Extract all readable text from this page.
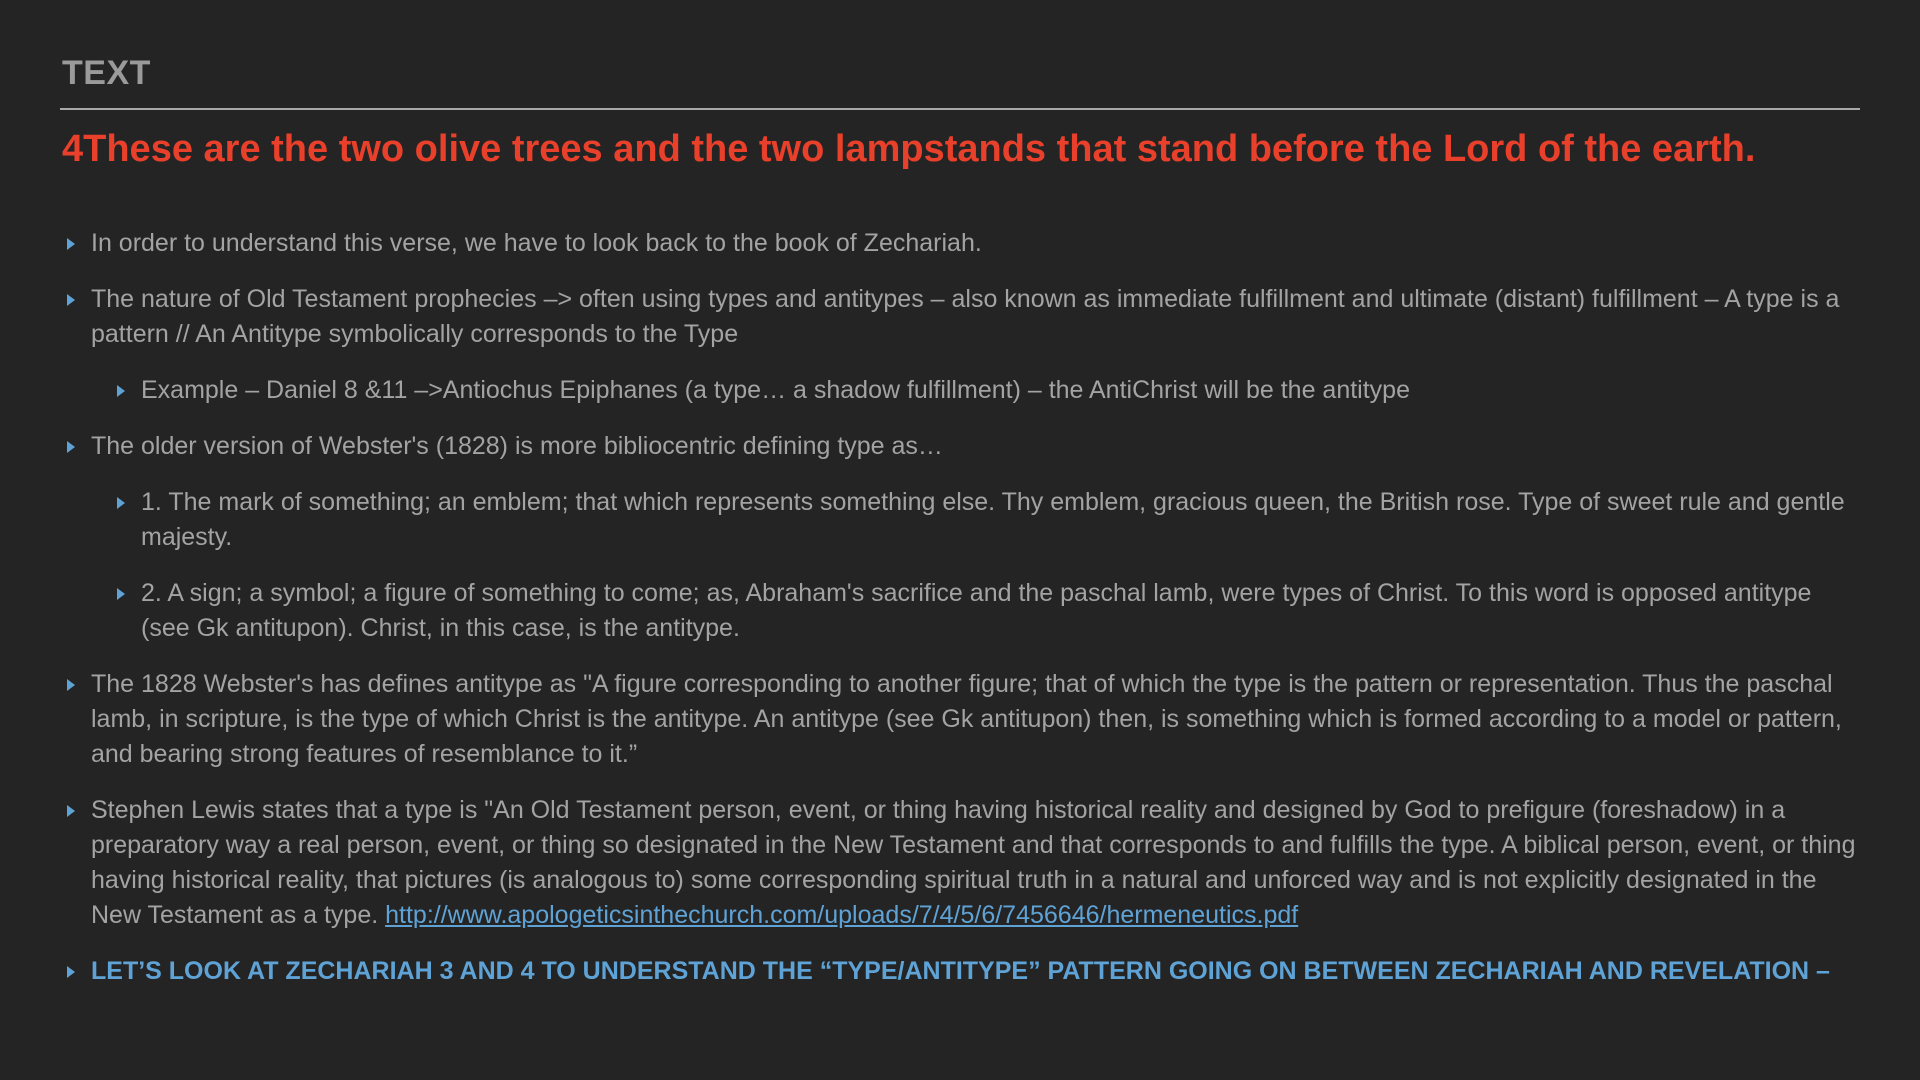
TEXT

4These are the two olive trees and the two lampstands that stand before the Lord of the earth.

In order to understand this verse, we have to look back to the book of Zechariah.
The nature of Old Testament prophecies –> often using types and antitypes – also known as immediate fulfillment and ultimate (distant) fulfillment – A type is a pattern // An Antitype symbolically corresponds to the Type
Example – Daniel 8 &11 –>Antiochus Epiphanes (a type… a shadow fulfillment) – the AntiChrist will be the antitype
The older version of Webster's (1828) is more bibliocentric defining type as…
1. The mark of something; an emblem; that which represents something else. Thy emblem, gracious queen, the British rose. Type of sweet rule and gentle majesty.
2. A sign; a symbol; a figure of something to come; as, Abraham's sacrifice and the paschal lamb, were types of Christ. To this word is opposed antitype (see Gk antitupon). Christ, in this case, is the antitype.
The 1828 Webster's has defines antitype as "A figure corresponding to another figure; that of which the type is the pattern or representation. Thus the paschal lamb, in scripture, is the type of which Christ is the antitype. An antitype (see Gk antitupon) then, is something which is formed according to a model or pattern, and bearing strong features of resemblance to it.”
Stephen Lewis states that a type is "An Old Testament person, event, or thing having historical reality and designed by God to prefigure (foreshadow) in a preparatory way a real person, event, or thing so designated in the New Testament and that corresponds to and fulfills the type. A biblical person, event, or thing having historical reality, that pictures (is analogous to) some corresponding spiritual truth in a natural and unforced way and is not explicitly designated in the New Testament as a type. http://www.apologeticsinthechurch.com/uploads/7/4/5/6/7456646/hermeneutics.pdf
LET’S LOOK AT ZECHARIAH 3 AND 4 TO UNDERSTAND THE “TYPE/ANTITYPE” PATTERN GOING ON BETWEEN ZECHARIAH AND REVELATION –
